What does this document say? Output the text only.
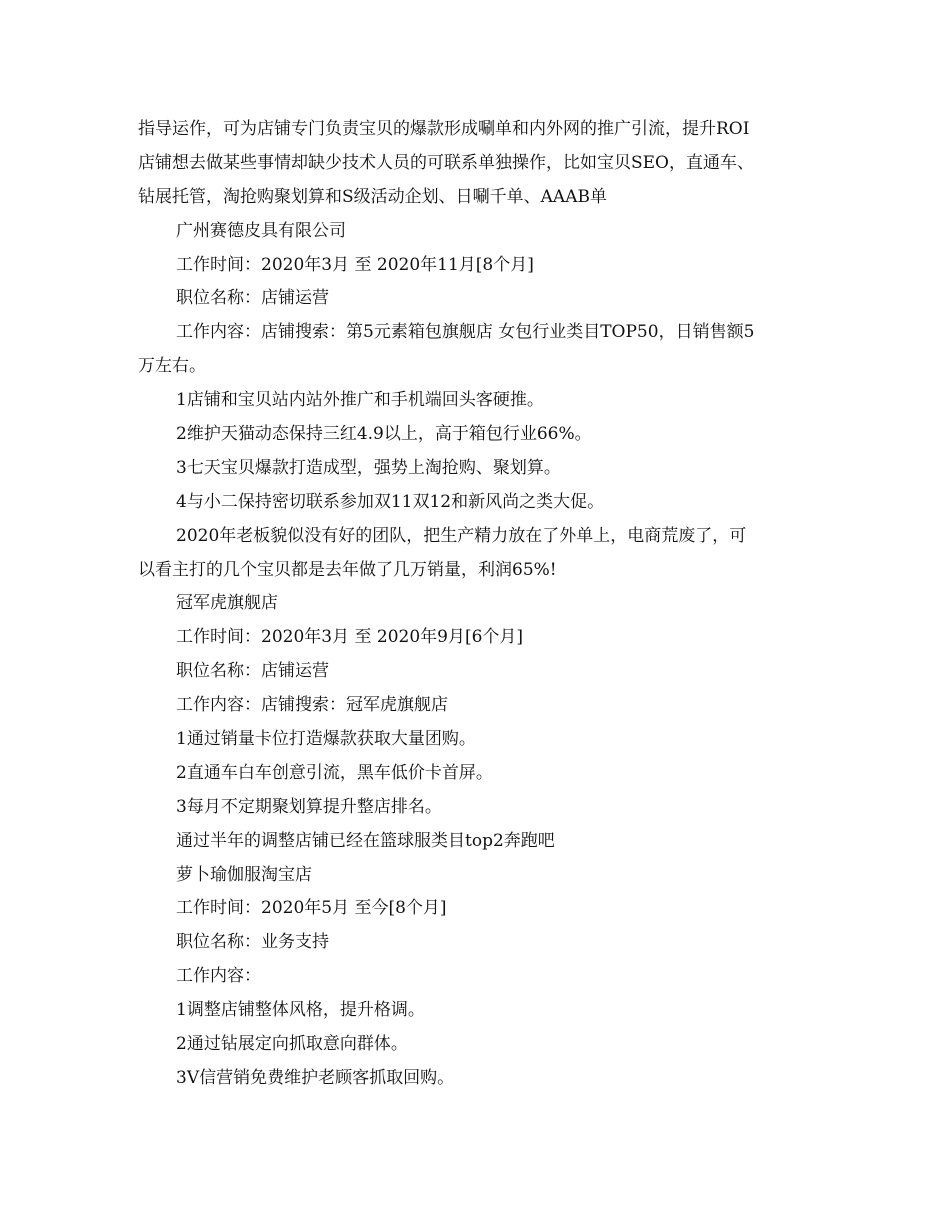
指导运作，可为店铺专门负责宝贝的爆款形成唰单和内外网的推广引流，提升ROI
店铺想去做某些事情却缺少技术人员的可联系单独操作，比如宝贝SEO，直通车、
钻展托管，淘抢购聚划算和S级活动企划、日唰千单、AAAB单
广州赛德皮具有限公司
工作时间：2020年3月 至 2020年11月[8个月]
职位名称：店铺运营
工作内容：店铺搜索：第5元素箱包旗舰店 女包行业类目TOP50，日销售额5
万左右。
1店铺和宝贝站内站外推广和手机端回头客硬推。
2维护天猫动态保持三红4.9以上，高于箱包行业66%。
3七天宝贝爆款打造成型，强势上淘抢购、聚划算。
4与小二保持密切联系参加双11双12和新风尚之类大促。
2020年老板貌似没有好的团队，把生产精力放在了外单上，电商荒废了，可
以看主打的几个宝贝都是去年做了几万销量，利润65%!
冠军虎旗舰店
工作时间：2020年3月 至 2020年9月[6个月]
职位名称：店铺运营
工作内容：店铺搜索：冠军虎旗舰店
1通过销量卡位打造爆款获取大量团购。
2直通车白车创意引流，黑车低价卡首屏。
3每月不定期聚划算提升整店排名。
通过半年的调整店铺已经在篮球服类目top2奔跑吧
萝卜瑜伽服淘宝店
工作时间：2020年5月 至今[8个月]
职位名称：业务支持
工作内容：
1调整店铺整体风格，提升格调。
2通过钻展定向抓取意向群体。
3V信营销免费维护老顾客抓取回购。
